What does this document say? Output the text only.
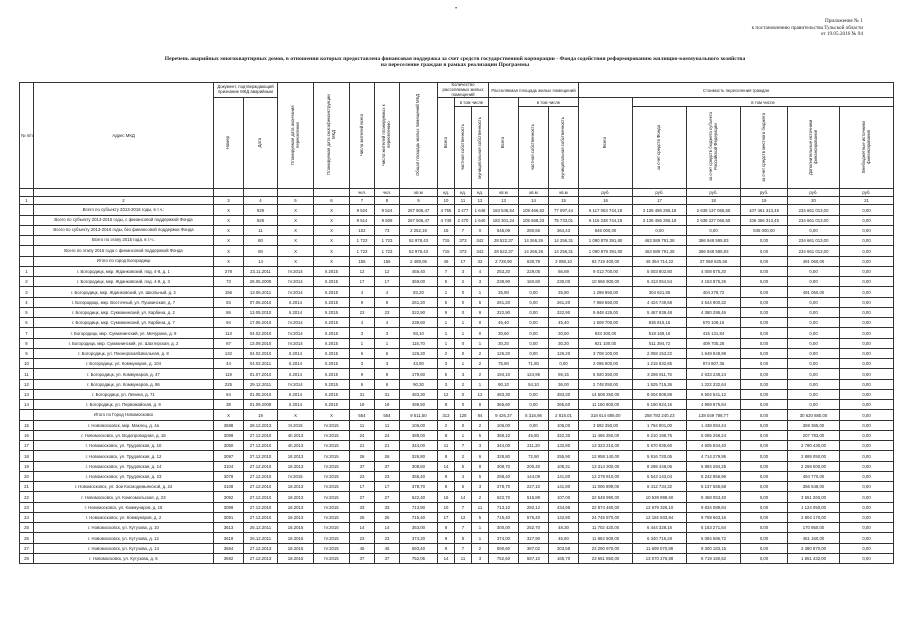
•
Приложение № 1
к постановлению правительства Тульской области
от 19.05.2016 № 94
Перечень аварийных многоквартирных домов, в отношении которых предоставлена финансовая поддержка за счет средств государственной корпорации - Фонда содействия реформированию жилищно-коммунального хозяйства
на переселение граждан в рамках реализации Программы
№ п/п	Адрес МКД	Документ, подтверждающий признание МКД аварийным		Планируемая дата окончания переселения	Планируемая дата сноса/реконструкции МКД	Число жителей всего	Число жителей планируемых к переселению	Общая площадь жилых помещений МКД	Количество расселяемых жилых помещений			Расселяемая площадь жилых помещений			Стоимость переселения граждан					
		Номер	Дата						Всего	в том числе		Всего	в том числе		Всего	в том числе				
										частная собственность	муниципальная собственность		частная собственность	муниципальная собственность		за счет средств Фонда	за счет средств бюджета субъекта Российской Федерации	за счет средств местного бюджета	Дополнительные источники финансирования	Внебюджетные источники финансирования
						чел.	чел.	кв.м	ед.	ед.	ед.	кв.м	кв.м	кв.м	руб.	руб.	руб.	руб.	руб.	руб.
1	2	3	4	5	6	7	8	9	10	11	12	13	14	15	16	17	18	19	20	21
	Всего по субъекту 2013-2016 годы, в т.ч.:	X	929	X	X	9 524	9 524	267 506,47	4 755	3 477	1 648	183 546,54	109 466,82	77 097,44	6 117 063 744,18	3 136 486 255,18	2 638 137 065,55	107 461 313,45	234 661 013,00	0,00
	Всего по субъекту 2013-2016 годы, с финансовой поддержкой Фонда	X	928	X	X	9 514	9 509	267 506,47	4 748	2 470	1 640	183 301,24	105 568,23	75 733,01	6 116 238 744,18	3 136 486 255,18	2 638 227 065,55	106 356 313,45	234 661 013,00	0,00
	Всего по субъекту 2013-2016 годы, без финансовой поддержки Фонда	X	11	X	X	102	73	2 252,19	15	7	X	645,09	280,66	364,43	845 000,00	0,00	0,00	845 000,00	0,00	0,00
	Всего по этапу 2015 года, в т.ч.:	X	80	X	X	1 723	1 723	52 978,43	715	373	342	28 522,37	14 266,26	14 256,31	1 090 879 391,80	463 589 791,38	386 948 595,83	0,00	234 661 013,00	0,00
	Всего по этапу 2015 года с финансовой поддержкой Фонда	X	80	X	X	1 723	1 723	52 978,43	715	373	342	28 522,37	14 266,26	14 256,31	1 090 879 391,80	463 589 791,38	386 948 595,83	0,00	234 661 013,00	0,00
	Итого по город Богородицк	X	14	X	X	155	155	2 489,05	49	17	32	2 728,90	630,79	2 098,10	83 719 400,00	46 354 714,22	37 068 625,56	0,00	491 060,00	0,00
1	г. Богородицк, мкр. Жданковский, под. 4-8, д. 1	278	23.11.2011	IV.2014	II.2015	12	12	455,40	7	3	4	253,20	229,05	66,69	9 013 700,00	5 003 802,80	4 008 875,20	0,00	0,00	0,00
2	г. Богородицк, мкр. Жданковский, под. 4-8, д. 3	73	26.06.2009	IV.2014	II.2015	17	17	369,00	5	2	3	239,90	160,60	230,00	10 566 900,00	6 413 054,54	4 153 875,26	0,00	0,00	0,00
3	г. Богородицк, мкр. Жданковский, ул. Школьный, д. 2	156	13.06.2011	IV.2014	II.2015	4	4	83,20	1	0	1	25,80	0,00	25,80	1 299 950,00	304 621,55	404 278,72	0,00	491 060,00	0,00
4	г. Богородицк, мкр. Восточный, ул. Пушкинская, д. 7	83	07.06.2010	II.2014	II.2015	9	9	261,20	5	0	5	261,20	0,00	261,20	7 969 650,00	4 424 749,68	3 544 900,32	0,00	0,00	0,00
5	г. Богородицк, мкр. Сукманинский, ул. Карбина, д. 2	86	13.09.2010	II.2014	II.2015	23	23	322,90	9	0	9	322,90	0,00	322,90	9 848 425,00	5 467 939,48	4 380 295,46	0,00	0,00	0,00
6	г. Богородицк, мкр. Сукманинский, ул. Карбина, д. 7	94	17.06.2010	IV.2014	II.2015	4	4	239,60	1	1	0	45,40	0,00	45,40	1 509 700,00	836 815,16	670 108,16	0,00	0,00	0,00
7	г. Богородицк, мкр. Сукманинский, ул. Мичурина, д. 9	113	04.02.2010	IV.2014	II.2015	3	3	93,10	1	1	0	30,60	0,00	30,60	933 300,00	518 169,16	415 131,84	0,00	0,00	0,00
8	г. Богородицк, мкр. Сукманинский, ул. Шахтерская, д. 2	87	13.09.2010	IV.2014	II.2015	1	1	115,70	1	0	1	30,20	0,00	30,20	921 100,00	511 394,72	409 705,28	0,00	0,00	0,00
9	г. Богородицк, ул. Пионерская/Школьная, д. 8	132	04.02.2010	II.2014	II.2015	6	6	126,20	2	0	2	126,20	0,00	126,20	3 708 100,00	2 058 153,22	1 649 948,98	0,00	0,00	0,00
10	г. Богородицк, ул. Коммунаров, д. 104	44	04.02.2011	II.2014	II.2015	3	3	43,80	3	1	2	75,80	71,80	0,00	2 095 900,00	1 215 832,65	974 807,35	0,00	0,00	0,00
11	г. Богородицк, ул. Коммунаров, д. 47	119	01.07.2010	II.2014	II.2015	9	9	179,60	5	3	2	194,10	124,95	69,15	5 920 350,00	3 286 811,76	2 633 238,24	0,00	0,00	0,00
12	г. Богородицк, ул. Коммунаров, д. 86	225	29.12.2011	IV.2014	II.2015	6	6	90,30	3	2	1	90,10	54,10	36,00	2 748 050,00	1 525 715,36	1 222 332,64	0,00	0,00	0,00
13	г. Богородицк, ул. Ленина, д. 71	64	01.05.2010	II.2014	II.2015	31	31	483,30	12	0	12	483,30	0,00	483,30	14 508 250,00	8 004 808,88	6 504 541,12	0,00	0,00	0,00
14	г. Богородицк, ул. Первомайская, д. 9	38	01.09.2009	II.2014	II.2015	19	19	499,50	8	0	8	365,60	0,00	365,60	11 150 800,00	6 190 924,16	4 959 875,84	0,00	0,00	0,00
	Итого по Город Новомосковск	X	19	X	X	554	554	9 511,50	313	128	84	9 426,37	5 316,96	2 818,01	318 614 685,00	258 783 240,23	138 049 788,77	0,00	30 620 880,00	0,00
15	г. Новомосковск, мкр. Маклец, д. 4а	3688	28.12.2013	III.2015	IV.2015	11	11	106,00	2	0	2	106,00	0,00	106,00	3 592 350,00	1 794 901,00	1 438 084,44	0,00	359 365,00	0,00
16	г. Новомосковск, ул. Водопроводная, д. 18	3099	27.12.2010	4II.2013	IV.2015	24	24	388,00	8	1	5	368,10	45,80	322,30	11 465 250,00	6 210 198,76	5 065 268,24	0,00	207 783,00	0,00
17	г. Новомосковск, ул. Трудовская, д. 10	3050	27.12.2010	4II.2013	IV.2015	21	21	344,00	11	7	3	344,00	211,20	132,80	13 323 210,00	5 670 935,60	4 605 834,40	0,00	2 780 430,00	0,00
18	г. Новомосковск, ул. Трудовская, д. 12	3097	27.12.2010	18.2013	IV.2015	26	26	326,80	8	2	6	328,80	72,90	255,90	12 958 140,00	5 816 720,05	4 714 279,95	0,00	2 889 050,00	0,00
19	г. Новомосковск, ул. Трудовская, д. 14	3104	27.12.2010	18.2013	IV.2015	37	37	308,60	14	5	8	308,70	200,40	108,31	13 314 300,00	8 298 448,05	5 894 284,25	0,00	2 259 000,00	0,00
20	г. Новомосковск, ул. Трудовская, д. 23	3078	27.12.2010	IV.2015	IV.2015	23	23	356,40	9	4	5	288,40	144,09	141,80	12 279 810,00	6 543 143,04	5 242 856,96	0,00	494 770,00	0,00
21	г. Новомосковск, ул. Зои Космодемьянской, д. 24	3108	27.12.2010	18.2013	IV.2015	17	17	378,70	8	5	3	378,70	227,10	141,80	11 006 899,00	6 412 734,32	5 137 565,68	0,00	356 548,00	0,00
22	г. Новомосковск, ул. Комсомольская, д. 23	3092	27.12.2010	18.2013	IV.2015	27	27	622,40	16	14	2	622,70	515,89	107,00	22 548 990,00	10 539 898,60	8 458 053,40	0,00	3 551 260,00	0,00
23	г. Новомосковск, ул. Коммунаров, д. 18	3099	27.12.2010	18.2013	IV.2015	33	33	713,90	10	7	11	713,10	282,12	434,98	22 874 460,00	12 679 326,10	9 834 089,84	0,00	1 124 050,00	0,00
24	г. Новомосковск, ул. Коммунаров, д. 2	3091	27.12.2010	18.2013	IV.2015	26	26	715,40	17	12	5	715,40	576,40	142,80	24 745 870,00	12 192 833,84	9 759 663,16	0,00	2 804 170,00	0,00
25	г. Новомосковск, ул. Кутузова, д. 10	3613	26.12.2011	18.2015	IV.2015	14	14	353,00	8	7	1	300,00	252,70	48,30	11 702 420,00	6 444 328,16	5 163 271,84	0,00	170 950,00	0,00
26	г. Новомосковск, ул. Кутузова, д. 12	3619	26.12.2011	18.2015	IV.2015	23	23	374,20	9	8	1	374,00	327,90	45,60	11 864 509,00	6 340 715,28	5 084 686,72	0,00	451 160,00	0,00
27	г. Новомосковск, ул. Кутузова, д. 14	3684	27.12.2013	18.2015	IV.2015	45	45	693,40	9	7	2	690,60	387,02	303,58	23 290 970,00	11 609 070,88	9 300 183,15	0,00	2 380 870,00	0,00
28	г. Новомосковск, ул. Кутузова, д. 6	3692	27.12.2013	18.2015	IV.2015	37	37	752,05	14	11	3	752,60	587,10	165,70	23 651 850,00	13 070 276,88	8 719 150,52	0,00	1 861 432,00	0,00
